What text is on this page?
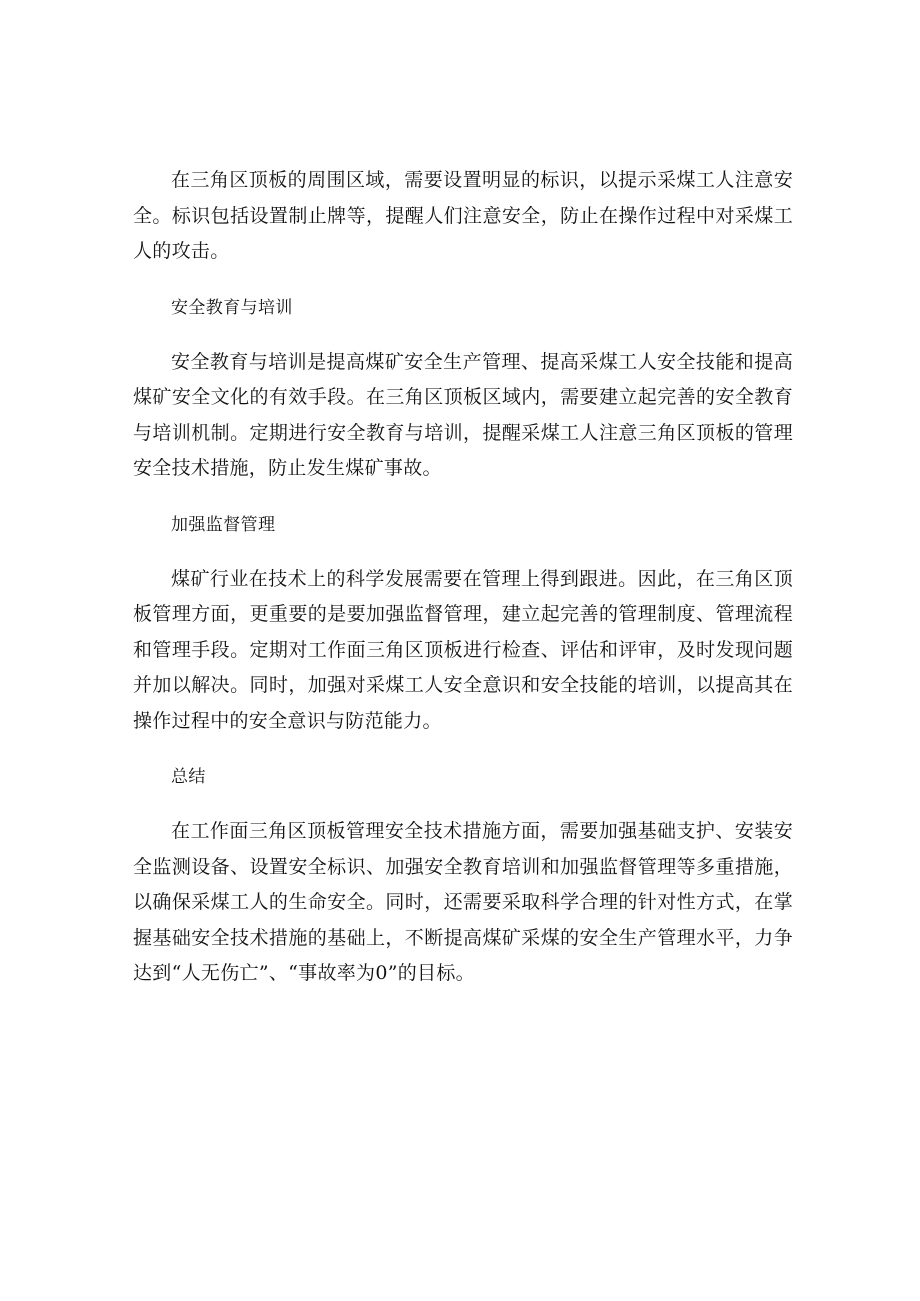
在三角区顶板的周围区域，需要设置明显的标识，以提示采煤工人注意安全。标识包括设置制止牌等，提醒人们注意安全，防止在操作过程中对采煤工人的攻击。

安全教育与培训

安全教育与培训是提高煤矿安全生产管理、提高采煤工人安全技能和提高煤矿安全文化的有效手段。在三角区顶板区域内，需要建立起完善的安全教育与培训机制。定期进行安全教育与培训，提醒采煤工人注意三角区顶板的管理安全技术措施，防止发生煤矿事故。

加强监督管理

煤矿行业在技术上的科学发展需要在管理上得到跟进。因此，在三角区顶板管理方面，更重要的是要加强监督管理，建立起完善的管理制度、管理流程和管理手段。定期对工作面三角区顶板进行检查、评估和评审，及时发现问题并加以解决。同时，加强对采煤工人安全意识和安全技能的培训，以提高其在操作过程中的安全意识与防范能力。

总结

在工作面三角区顶板管理安全技术措施方面，需要加强基础支护、安装安全监测设备、设置安全标识、加强安全教育培训和加强监督管理等多重措施，以确保采煤工人的生命安全。同时，还需要采取科学合理的针对性方式，在掌握基础安全技术措施的基础上，不断提高煤矿采煤的安全生产管理水平，力争达到“人无伤亡”、“事故率为0”的目标。
